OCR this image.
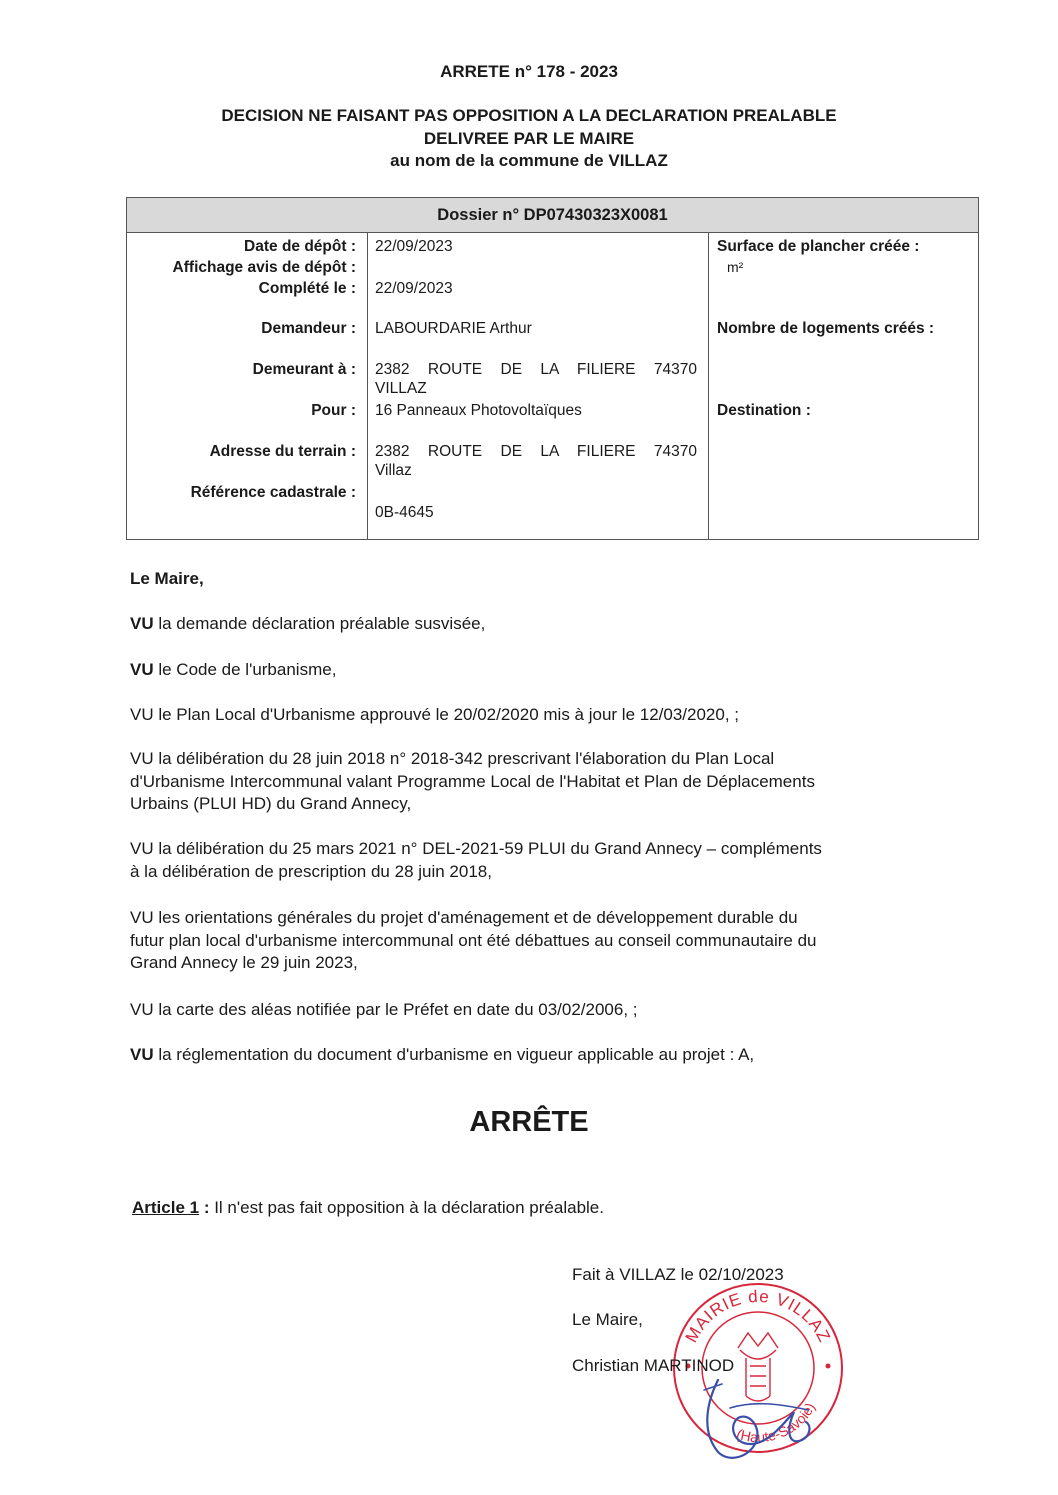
ARRETE n° 178 - 2023
DECISION NE FAISANT PAS OPPOSITION A LA DECLARATION PREALABLE
DELIVREE PAR LE MAIRE
au nom de la commune de VILLAZ
Dossier n° DP07430323X0081
Date de dépôt :
Affichage avis de dépôt :
Complété le :
Demandeur :
Demeurant à :
Pour :
Adresse du terrain :
Référence cadastrale :
22/09/2023
22/09/2023
LABOURDARIE Arthur
2382 ROUTE DE LA FILIERE 74370
VILLAZ
16 Panneaux Photovoltaïques
2382 ROUTE DE LA FILIERE 74370
Villaz
0B-4645
Surface de plancher créée :
m²
Nombre de logements créés :
Destination :
Le Maire,
VU la demande déclaration préalable susvisée,
VU le Code de l'urbanisme,
VU le Plan Local d'Urbanisme approuvé le 20/02/2020 mis à jour le 12/03/2020, ;
VU la délibération du 28 juin 2018 n° 2018-342 prescrivant l'élaboration du Plan Local
d'Urbanisme Intercommunal valant Programme Local de l'Habitat et Plan de Déplacements
Urbains (PLUI HD) du Grand Annecy,
VU la délibération du 25 mars 2021 n° DEL-2021-59 PLUI du Grand Annecy – compléments
à la délibération de prescription du 28 juin 2018,
VU les orientations générales du projet d'aménagement et de développement durable du
futur plan local d'urbanisme intercommunal ont été débattues au conseil communautaire du
Grand Annecy le 29 juin 2023,
VU la carte des aléas notifiée par le Préfet en date du 03/02/2006, ;
VU la réglementation du document d'urbanisme en vigueur applicable au projet : A,
ARRÊTE
Article 1 : Il n'est pas fait opposition à la déclaration préalable.
Fait à VILLAZ le 02/10/2023
Le Maire,
MAIRIE de VILLAZ
(Haute-Savoie)
Christian MARTINOD
